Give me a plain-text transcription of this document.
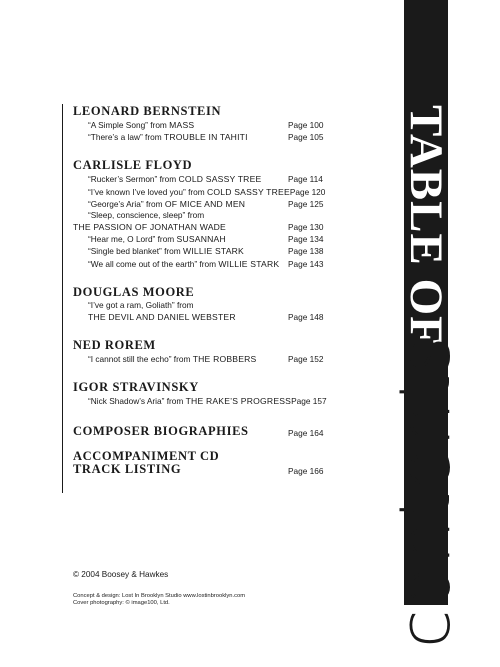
LEONARD BERNSTEIN
“A Simple Song” from MASS	Page 100
“There’s a law” from TROUBLE IN TAHITI	Page 105
CARLISLE FLOYD
“Rucker’s Sermon” from COLD SASSY TREE	Page 114
“I’ve known I’ve loved you” from COLD SASSY TREE Page 120
“George’s Aria” from OF MICE AND MEN	Page 125
“Sleep, conscience, sleep” from
THE PASSION OF JONATHAN WADE	Page 130
“Hear me, O Lord” from SUSANNAH	Page 134
“Single bed blanket” from WILLIE STARK	Page 138
“We all come out of the earth” from WILLIE STARK Page 143
DOUGLAS MOORE
“I’ve got a ram, Goliath” from
THE DEVIL AND DANIEL WEBSTER	Page 148
NED ROREM
“I cannot still the echo” from THE ROBBERS	Page 152
IGOR STRAVINSKY
“Nick Shadow’s Aria” from THE RAKE’S PROGRESS Page 157
COMPOSER BIOGRAPHIES	Page 164
ACCOMPANIMENT CD
TRACK LISTING	Page 166
© 2004 Boosey & Hawkes
Concept & design: Lost In Brooklyn Studio www.lostinbrooklyn.com
Cover photography: © image100, Ltd.
TABLE OF
contents
